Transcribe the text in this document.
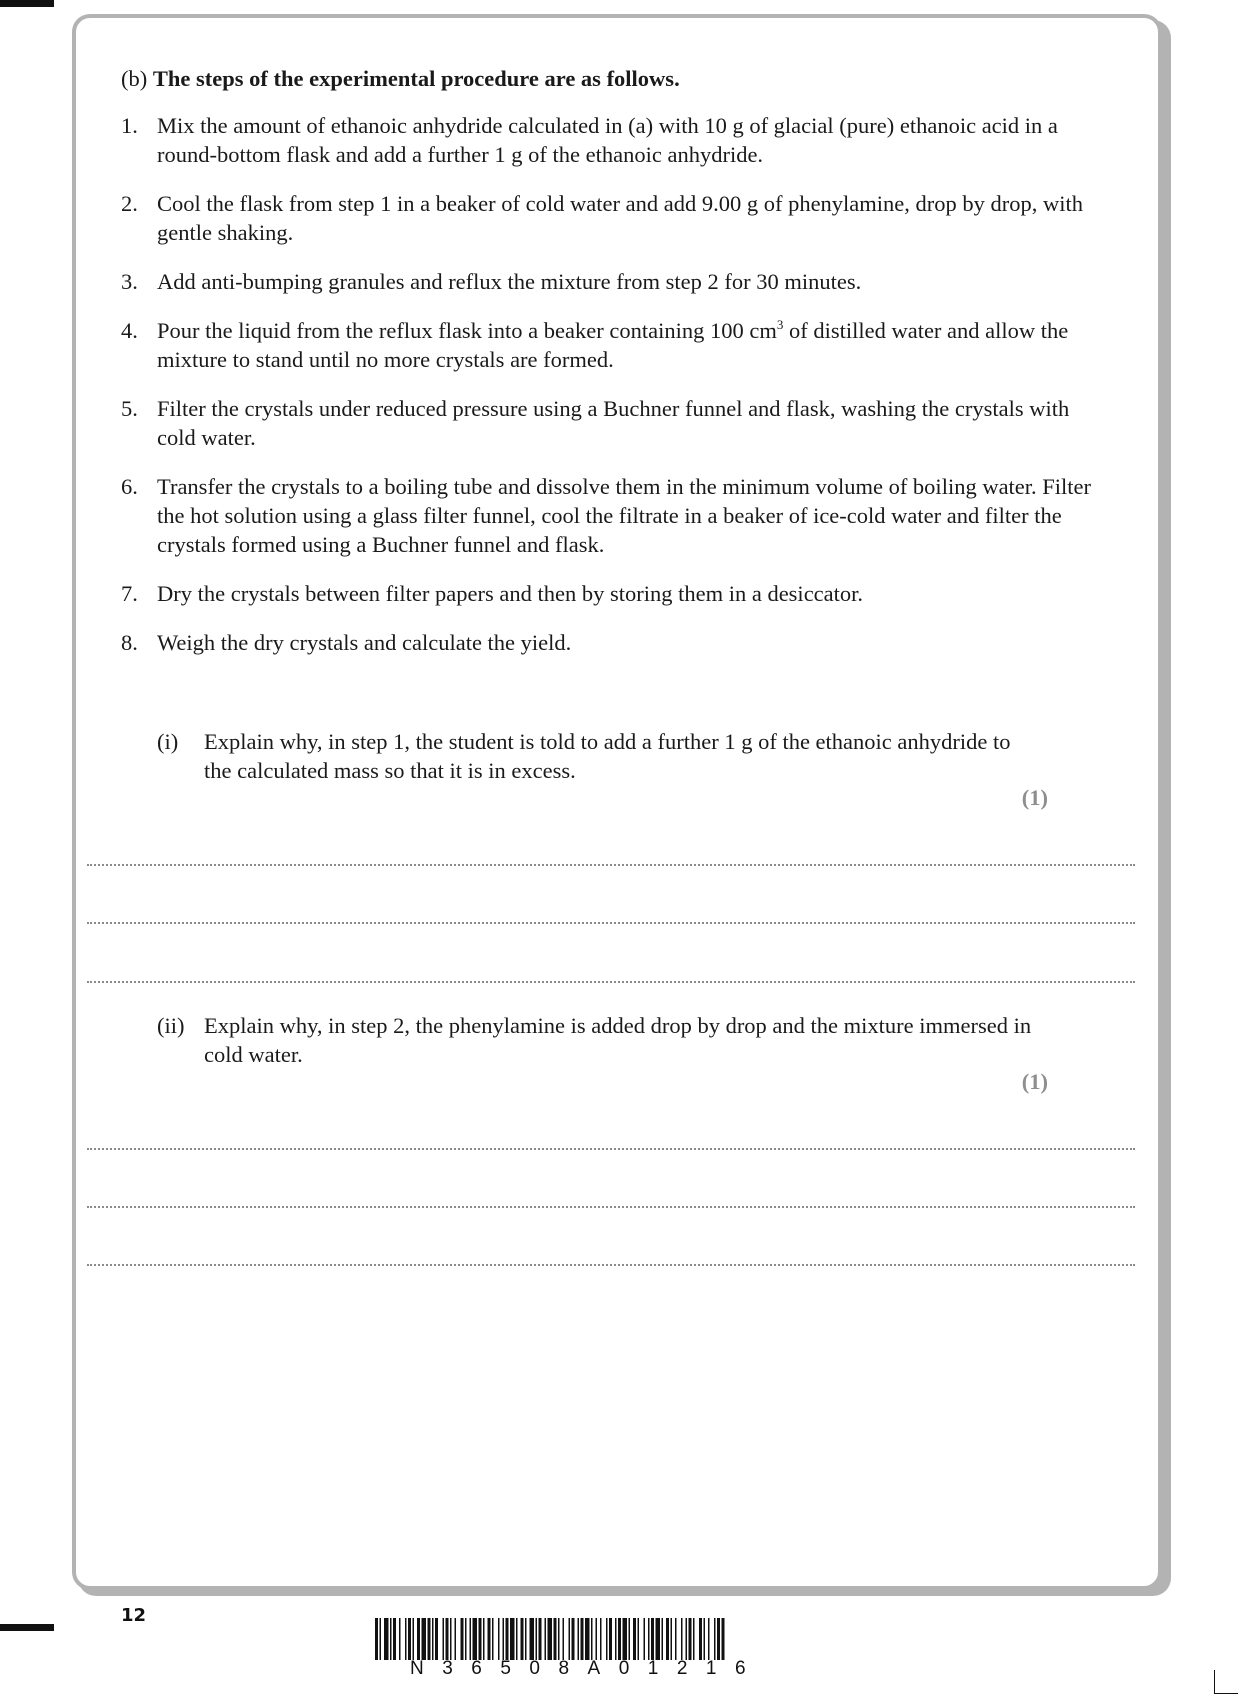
(b) The steps of the experimental procedure are as follows.

1. Mix the amount of ethanoic anhydride calculated in (a) with 10 g of glacial (pure) ethanoic acid in a round-bottom flask and add a further 1 g of the ethanoic anhydride.
2. Cool the flask from step 1 in a beaker of cold water and add 9.00 g of phenylamine, drop by drop, with gentle shaking.
3. Add anti-bumping granules and reflux the mixture from step 2 for 30 minutes.
4. Pour the liquid from the reflux flask into a beaker containing 100 $cm^3$ of distilled water and allow the mixture to stand until no more crystals are formed.
5. Filter the crystals under reduced pressure using a Buchner funnel and flask, washing the crystals with cold water.
6. Transfer the crystals to a boiling tube and dissolve them in the minimum volume of boiling water. Filter the hot solution using a glass filter funnel, cool the filtrate in a beaker of ice-cold water and filter the crystals formed using a Buchner funnel and flask.
7. Dry the crystals between filter papers and then by storing them in a desiccator.
8. Weigh the dry crystals and calculate the yield.
(i)	Explain why, in step 1, the student is told to add a further 1 g of the ethanoic anhydride to the calculated mass so that it is in excess.
(1)
(ii) Explain why, in step 2, the phenylamine is added drop by drop and the mixture immersed in cold water.
(1)
12
N36508A01216
